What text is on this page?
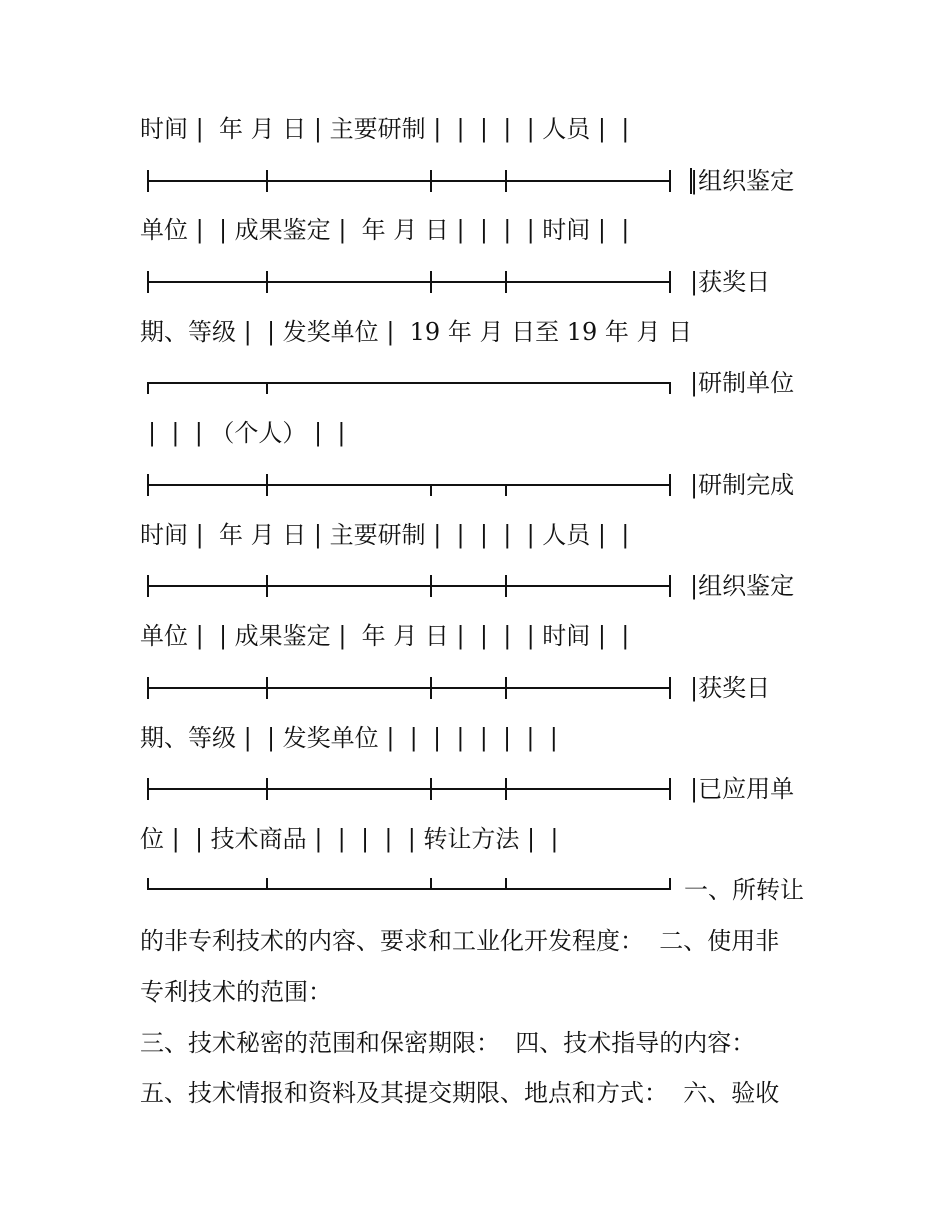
时间 |  年 月 日 | 主要研制 |  |  |  |  | 人员 |  |
单位 |  | 成果鉴定 |  年 月 日 |  |  |  | 时间 |  |
期、等级 |  | 发奖单位 |  19 年 月 日至 19 年 月 日
|  |  | （个人） |  |
时间 |  年 月 日 | 主要研制 |  |  |  |  | 人员 |  |
单位 |  | 成果鉴定 |  年 月 日 |  |  |  | 时间 |  |
期、等级 |  | 发奖单位 |  |  |  |  |  |  |  |
位 |  | 技术商品 |  |  |  |  | 转让方法 |  |
的非专利技术的内容、要求和工业化开发程度：  二、使用非
专利技术的范围：
三、技术秘密的范围和保密期限：  四、技术指导的内容：
五、技术情报和资料及其提交期限、地点和方式：  六、验收
|组织鉴定
|获奖日
|研制单位
|研制完成
|组织鉴定
|获奖日
|已应用单
一、所转让
